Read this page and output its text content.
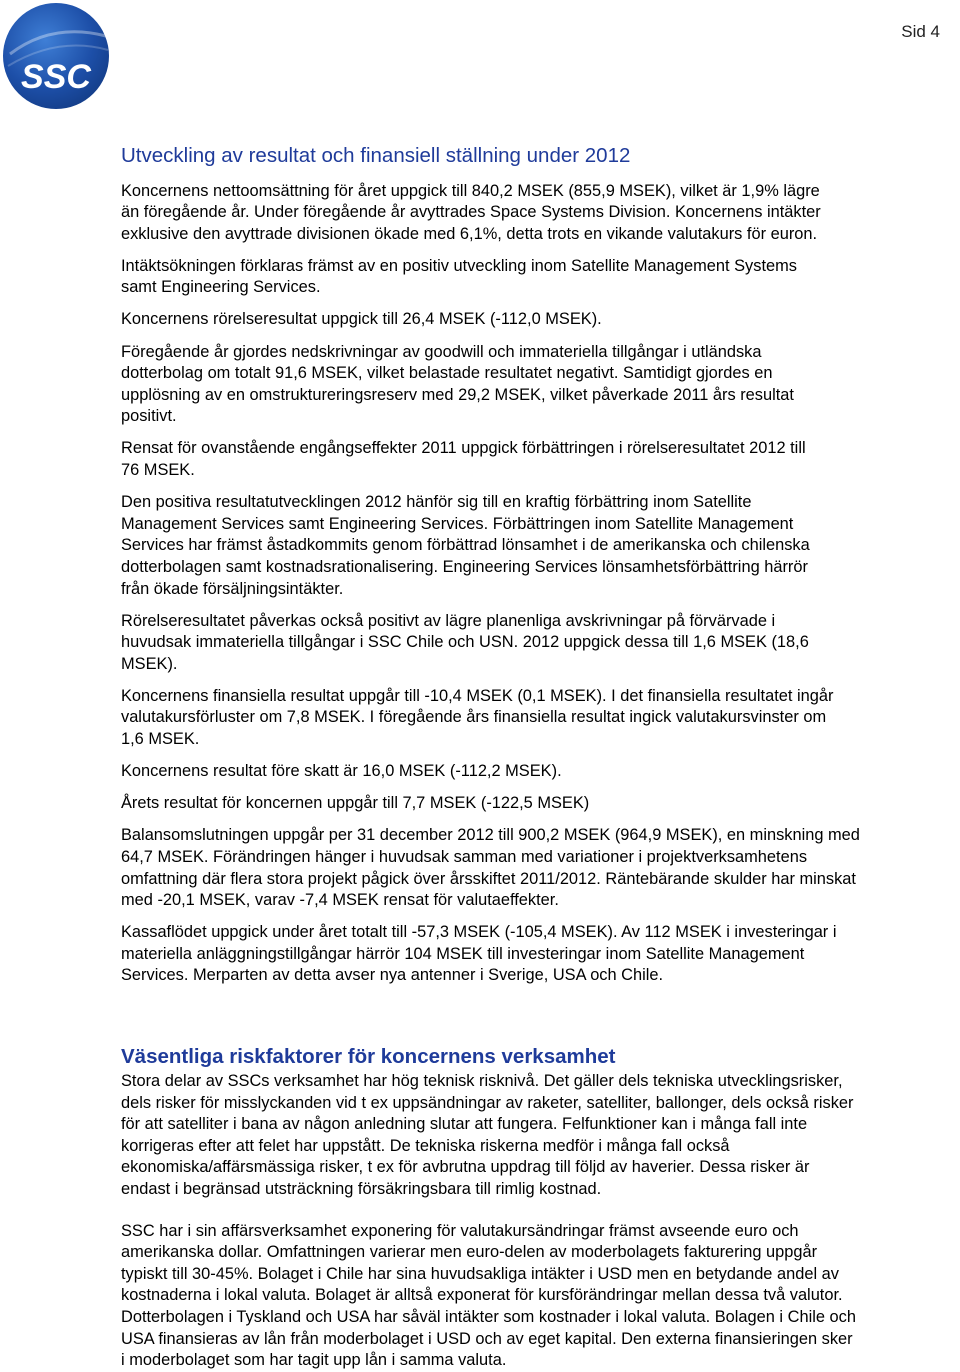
SSC
Sid 4
Utveckling av resultat och finansiell ställning under 2012

Koncernens nettoomsättning för året uppgick till 840,2 MSEK (855,9 MSEK), vilket är 1,9% lägre
än föregående år. Under föregående år avyttrades Space Systems Division. Koncernens intäkter
exklusive den avyttrade divisionen ökade med 6,1%, detta trots en vikande valutakurs för euron.

Intäktsökningen förklaras främst av en positiv utveckling inom Satellite Management Systems
samt Engineering Services.

Koncernens rörelseresultat uppgick till 26,4 MSEK (-112,0 MSEK).

Föregående år gjordes nedskrivningar av goodwill och immateriella tillgångar i utländska
dotterbolag om totalt 91,6 MSEK, vilket belastade resultatet negativt. Samtidigt gjordes en
upplösning av en omstruktureringsreserv med 29,2 MSEK, vilket påverkade 2011 års resultat
positivt.

Rensat för ovanstående engångseffekter 2011 uppgick förbättringen i rörelseresultatet 2012 till
76 MSEK.

Den positiva resultatutvecklingen 2012 hänför sig till en kraftig förbättring inom Satellite
Management Services samt Engineering Services. Förbättringen inom Satellite Management
Services har främst åstadkommits genom förbättrad lönsamhet i de amerikanska och chilenska
dotterbolagen samt kostnadsrationalisering. Engineering Services lönsamhetsförbättring härrör
från ökade försäljningsintäkter.

Rörelseresultatet påverkas också positivt av lägre planenliga avskrivningar på förvärvade i
huvudsak immateriella tillgångar i SSC Chile och USN. 2012 uppgick dessa till 1,6 MSEK (18,6
MSEK).

Koncernens finansiella resultat uppgår till -10,4 MSEK (0,1 MSEK). I det finansiella resultatet ingår
valutakursförluster om 7,8 MSEK. I föregående års finansiella resultat ingick valutakursvinster om
1,6 MSEK.

Koncernens resultat före skatt är 16,0 MSEK (-112,2 MSEK).

Årets resultat för koncernen uppgår till 7,7 MSEK (-122,5 MSEK)

Balansomslutningen uppgår per 31 december 2012 till 900,2 MSEK (964,9 MSEK), en minskning med
64,7 MSEK. Förändringen hänger i huvudsak samman med variationer i projektverksamhetens
omfattning där flera stora projekt pågick över årsskiftet 2011/2012. Räntebärande skulder har minskat
med -20,1 MSEK, varav -7,4 MSEK rensat för valutaeffekter.

Kassaflödet uppgick under året totalt till -57,3 MSEK (-105,4 MSEK). Av 112 MSEK i investeringar i
materiella anläggningstillgångar härrör 104 MSEK till investeringar inom Satellite Management
Services. Merparten av detta avser nya antenner i Sverige, USA och Chile.

Väsentliga riskfaktorer för koncernens verksamhet

Stora delar av SSCs verksamhet har hög teknisk risknivå. Det gäller dels tekniska utvecklingsrisker,
dels risker för misslyckanden vid t ex uppsändningar av raketer, satelliter, ballonger, dels också risker
för att satelliter i bana av någon anledning slutar att fungera. Felfunktioner kan i många fall inte
korrigeras efter att felet har uppstått. De tekniska riskerna medför i många fall också
ekonomiska/affärsmässiga risker, t ex för avbrutna uppdrag till följd av haverier. Dessa risker är
endast i begränsad utsträckning försäkringsbara till rimlig kostnad.

SSC har i sin affärsverksamhet exponering för valutakursändringar främst avseende euro och
amerikanska dollar. Omfattningen varierar men euro-delen av moderbolagets fakturering uppgår
typiskt till 30-45%. Bolaget i Chile har sina huvudsakliga intäkter i USD men en betydande andel av
kostnaderna i lokal valuta. Bolaget är alltså exponerat för kursförändringar mellan dessa två valutor.
Dotterbolagen i Tyskland och USA har såväl intäkter som kostnader i lokal valuta. Bolagen i Chile och
USA finansieras av lån från moderbolaget i USD och av eget kapital. Den externa finansieringen sker
i moderbolaget som har tagit upp lån i samma valuta.
